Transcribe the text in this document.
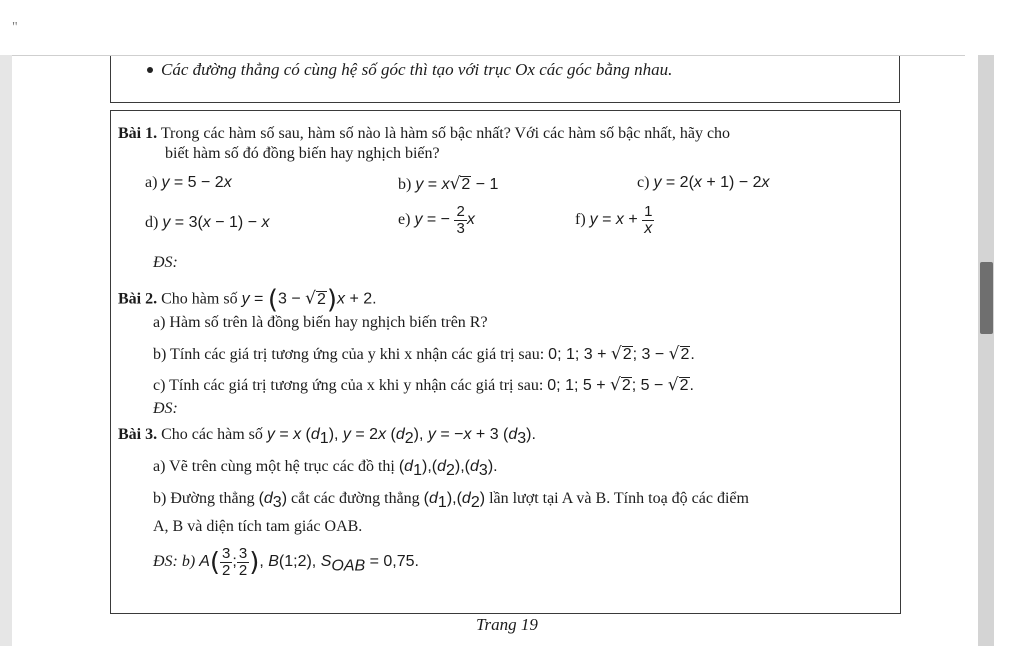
"
Các đường thẳng có cùng hệ số góc thì tạo với trục Ox các góc bằng nhau.
Bài 1. Trong các hàm số sau, hàm số nào là hàm số bậc nhất? Với các hàm số bậc nhất, hãy cho
biết hàm số đó đồng biến hay nghịch biến?
a) y = 5 − 2x	b) y = x√2 − 1	c) y = 2(x + 1) − 2x
d) y = 3(x − 1) − x	e) y = − $\frac{2}{3}$ x	f) $y = x + \frac{1}{x}$
ĐS:
Bài 2. Cho hàm số y = (3 − √2)x + 2.
a) Hàm số trên là đồng biến hay nghịch biến trên R?
b) Tính các giá trị tương ứng của y khi x nhận các giá trị sau: 0; 1; 3 + √2; 3 − √2.
c) Tính các giá trị tương ứng của x khi y nhận các giá trị sau: 0; 1; 5 + √2; 5 − √2.
ĐS:
Bài 3. Cho các hàm số y = x $(d_1)$, y = 2x $(d_2)$, y = −x + 3 $(d_3)$.
a) Vẽ trên cùng một hệ trục các đồ thị $(d_1),(d_2),(d_3)$.
b) Đường thẳng $(d_3)$ cắt các đường thẳng $(d_1),(d_2)$ lần lượt tại A và B. Tính toạ độ các điểm
A, B và diện tích tam giác OAB.
ĐS: b) $A( \frac{3}{2}$ ; $\frac{3}{2}$ ), B(1;2), $S_{OAB} = 0,75$.
Trang 19
